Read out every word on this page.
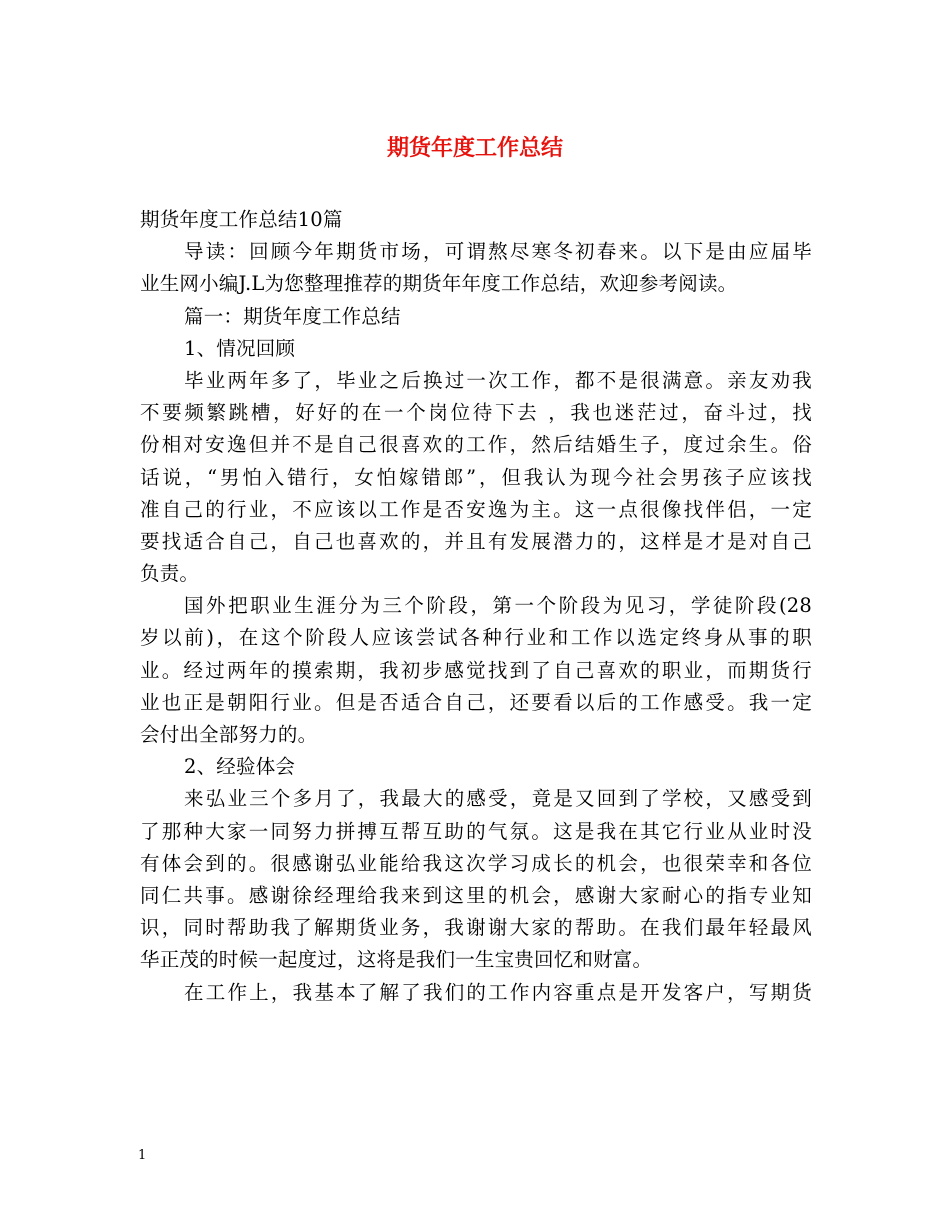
期货年度工作总结
期货年度工作总结10篇
导读：回顾今年期货市场，可谓熬尽寒冬初春来。以下是由应届毕
业生网小编J.L为您整理推荐的期货年年度工作总结，欢迎参考阅读。
篇一：期货年度工作总结
1、情况回顾
毕业两年多了，毕业之后换过一次工作，都不是很满意。亲友劝我
不要频繁跳槽，好好的在一个岗位待下去 ，我也迷茫过，奋斗过，找
份相对安逸但并不是自己很喜欢的工作，然后结婚生子，度过余生。俗
话说，“男怕入错行，女怕嫁错郎”，但我认为现今社会男孩子应该找
准自己的行业，不应该以工作是否安逸为主。这一点很像找伴侣，一定
要找适合自己，自己也喜欢的，并且有发展潜力的，这样是才是对自己
负责。
国外把职业生涯分为三个阶段，第一个阶段为见习，学徒阶段(28
岁以前)，在这个阶段人应该尝试各种行业和工作以选定终身从事的职
业。经过两年的摸索期，我初步感觉找到了自己喜欢的职业，而期货行
业也正是朝阳行业。但是否适合自己，还要看以后的工作感受。我一定
会付出全部努力的。
2、经验体会
来弘业三个多月了，我最大的感受，竟是又回到了学校，又感受到
了那种大家一同努力拼搏互帮互助的气氛。这是我在其它行业从业时没
有体会到的。很感谢弘业能给我这次学习成长的机会，也很荣幸和各位
同仁共事。感谢徐经理给我来到这里的机会，感谢大家耐心的指专业知
识，同时帮助我了解期货业务，我谢谢大家的帮助。在我们最年轻最风
华正茂的时候一起度过，这将是我们一生宝贵回忆和财富。
在工作上，我基本了解了我们的工作内容重点是开发客户，写期货
1
